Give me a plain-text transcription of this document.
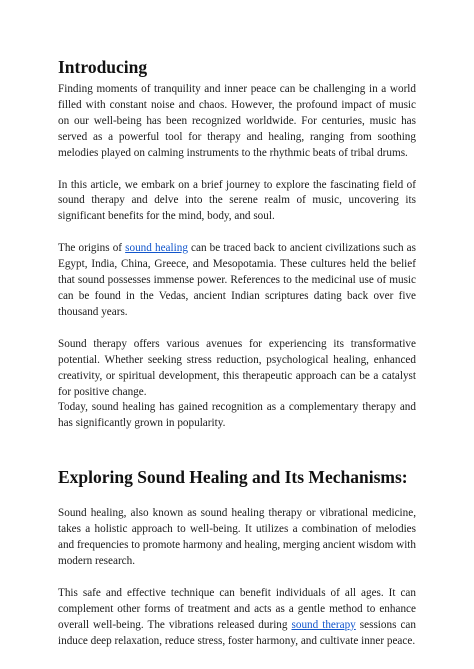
Introducing

Finding moments of tranquility and inner peace can be challenging in a world filled with constant noise and chaos. However, the profound impact of music on our well-being has been recognized worldwide. For centuries, music has served as a powerful tool for therapy and healing, ranging from soothing melodies played on calming instruments to the rhythmic beats of tribal drums.

In this article, we embark on a brief journey to explore the fascinating field of sound therapy and delve into the serene realm of music, uncovering its significant benefits for the mind, body, and soul.

The origins of sound healing can be traced back to ancient civilizations such as Egypt, India, China, Greece, and Mesopotamia. These cultures held the belief that sound possesses immense power. References to the medicinal use of music can be found in the Vedas, ancient Indian scriptures dating back over five thousand years.

Sound therapy offers various avenues for experiencing its transformative potential. Whether seeking stress reduction, psychological healing, enhanced creativity, or spiritual development, this therapeutic approach can be a catalyst for positive change.

Today, sound healing has gained recognition as a complementary therapy and has significantly grown in popularity.

Exploring Sound Healing and Its Mechanisms:

Sound healing, also known as sound healing therapy or vibrational medicine, takes a holistic approach to well-being. It utilizes a combination of melodies and frequencies to promote harmony and healing, merging ancient wisdom with modern research.

This safe and effective technique can benefit individuals of all ages. It can complement other forms of treatment and acts as a gentle method to enhance overall well-being. The vibrations released during sound therapy sessions can induce deep relaxation, reduce stress, foster harmony, and cultivate inner peace.
